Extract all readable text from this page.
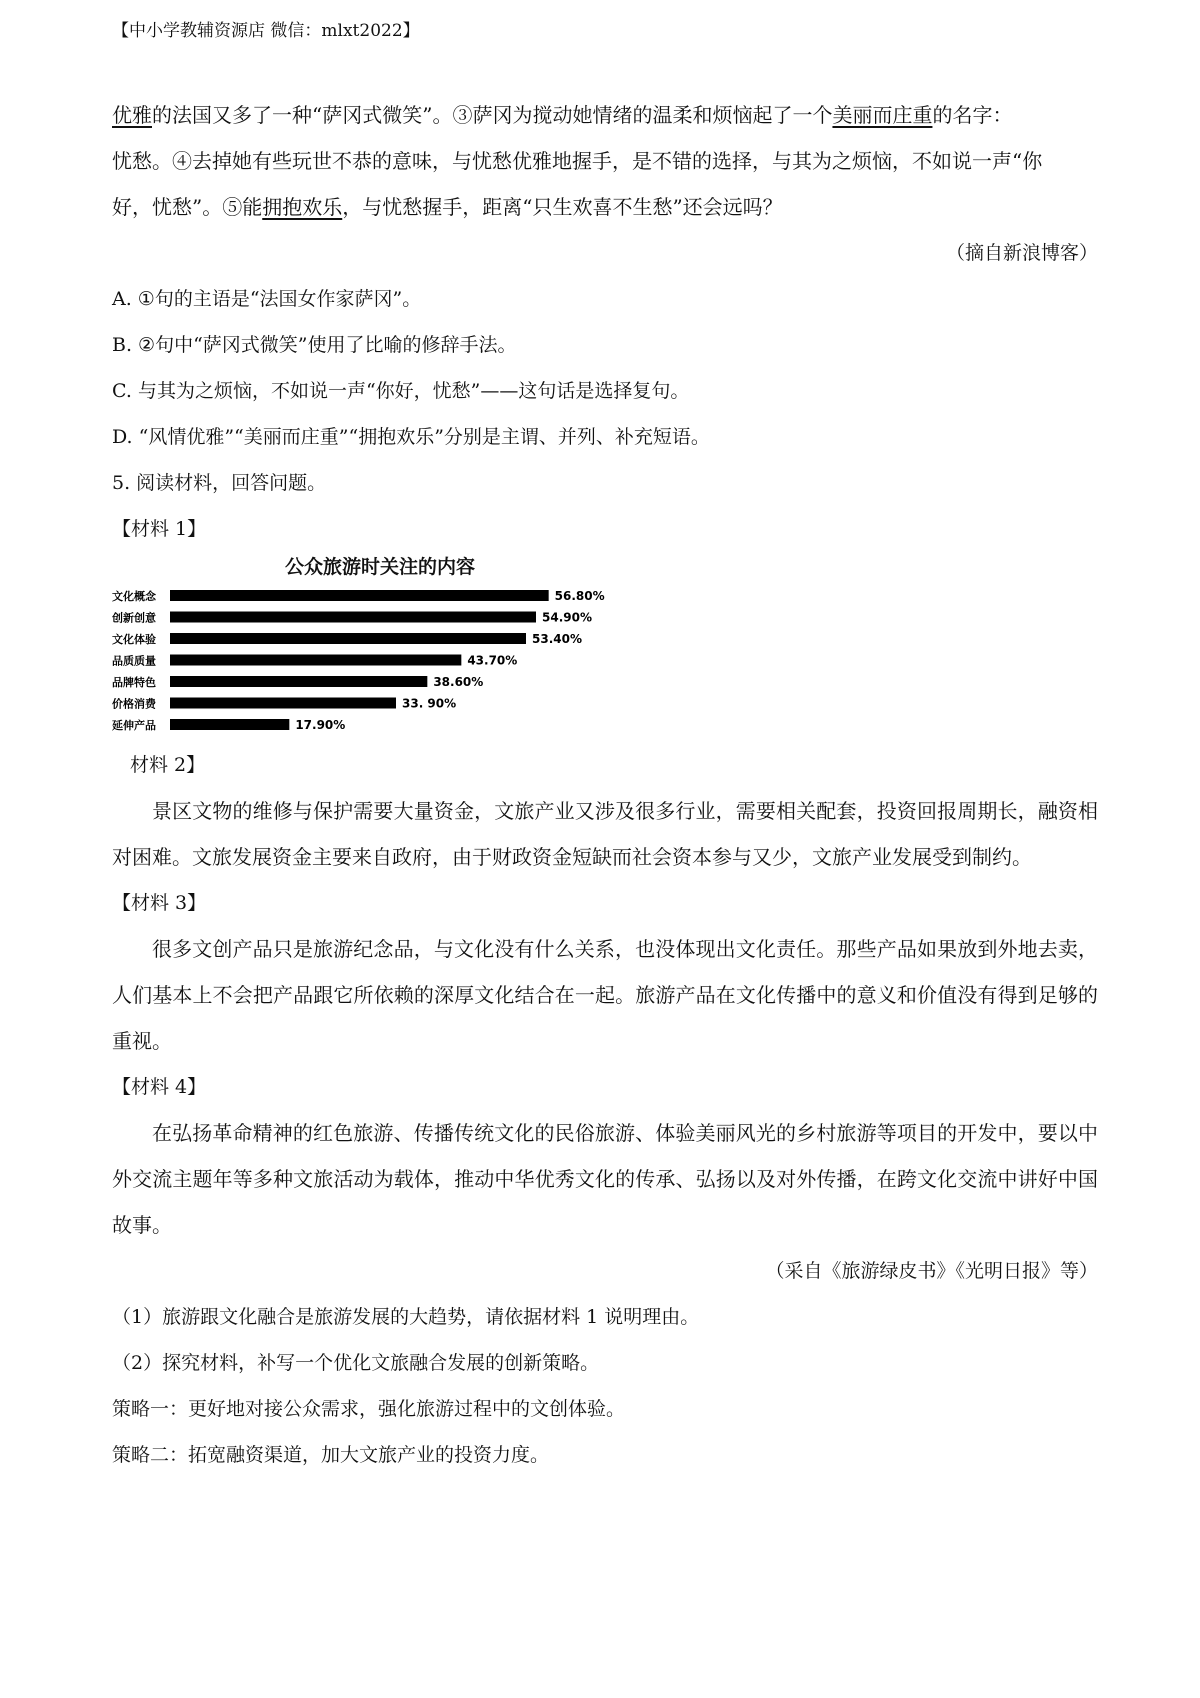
【中小学教辅资源店 微信：mlxt2022】

优雅的法国又多了一种“萨冈式微笑”。③萨冈为搅动她情绪的温柔和烦恼起了一个美丽而庄重的名字：

忧愁。④去掉她有些玩世不恭的意味，与忧愁优雅地握手，是不错的选择，与其为之烦恼，不如说一声“你

好，忧愁”。⑤能拥抱欢乐，与忧愁握手，距离“只生欢喜不生愁”还会远吗？

（摘自新浪博客）

A. ①句的主语是“法国女作家萨冈”。

B. ②句中“萨冈式微笑”使用了比喻的修辞手法。

C. 与其为之烦恼，不如说一声“你好，忧愁”——这句话是选择复句。

D. “风情优雅”“美丽而庄重”“拥抱欢乐”分别是主谓、并列、补充短语。

5. 阅读材料，回答问题。

【材料 1】

公众旅游时关注的内容
文化概念	56.80%
创新创意	54.90%
文化体验	53.40%
品质质量	43.70%
品牌特色	38.60%
价格消费	33. 90%
延伸产品	17.90%

材料 2】

景区文物的维修与保护需要大量资金，文旅产业又涉及很多行业，需要相关配套，投资回报周期长，融资相对困难。文旅发展资金主要来自政府，由于财政资金短缺而社会资本参与又少，文旅产业发展受到制约。

【材料 3】

很多文创产品只是旅游纪念品，与文化没有什么关系，也没体现出文化责任。那些产品如果放到外地去卖，人们基本上不会把产品跟它所依赖的深厚文化结合在一起。旅游产品在文化传播中的意义和价值没有得到足够的重视。

【材料 4】

在弘扬革命精神的红色旅游、传播传统文化的民俗旅游、体验美丽风光的乡村旅游等项目的开发中，要以中外交流主题年等多种文旅活动为载体，推动中华优秀文化的传承、弘扬以及对外传播，在跨文化交流中讲好中国故事。

（采自《旅游绿皮书》《光明日报》等）

（1）旅游跟文化融合是旅游发展的大趋势，请依据材料 1 说明理由。

（2）探究材料，补写一个优化文旅融合发展的创新策略。

策略一：更好地对接公众需求，强化旅游过程中的文创体验。

策略二：拓宽融资渠道，加大文旅产业的投资力度。
